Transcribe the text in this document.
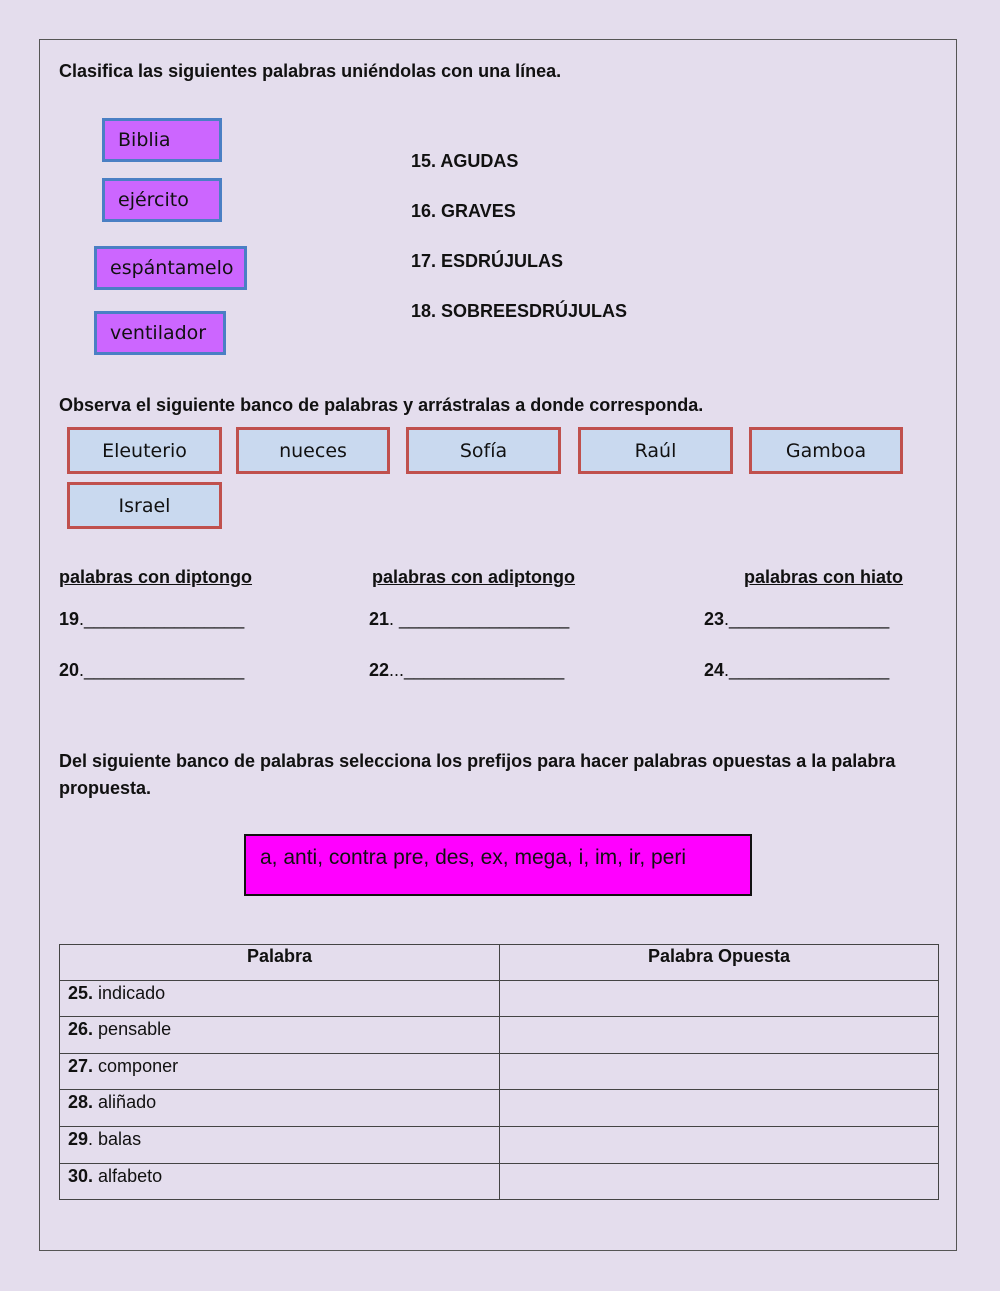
Clasifica las siguientes palabras uniéndolas con una línea.
Biblia
ejército
espántamelo
ventilador
15. AGUDAS
16. GRAVES
17. ESDRÚJULAS
18. SOBREESDRÚJULAS
Observa el siguiente banco de palabras y arrástralas a donde corresponda.
Eleuterio	nueces	Sofía	Raúl	Gamboa
Israel
palabras con diptongo	palabras con adiptongo	palabras con hiato
19.________________
20.________________
21. _________________
22...________________
23.________________
24.________________
Del siguiente banco de palabras selecciona los prefijos para hacer palabras opuestas a la palabra propuesta.
a, anti, contra pre, des, ex, mega, i, im, ir, peri
Palabra	Palabra Opuesta
25. indicado	
26. pensable	
27. componer	
28. aliñado	
29. balas	
30. alfabeto	
